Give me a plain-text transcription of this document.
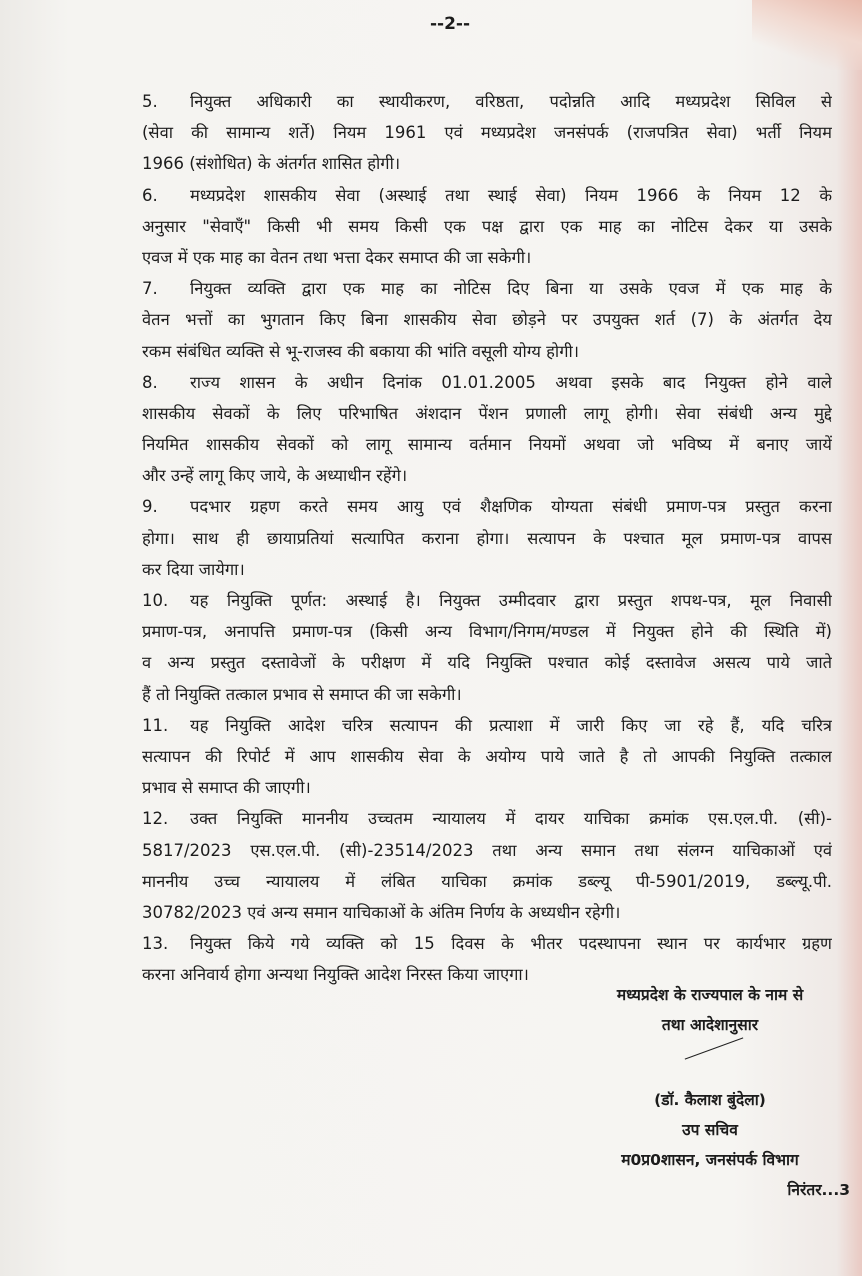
--2--
5. नियुक्त अधिकारी का स्थायीकरण, वरिष्ठता, पदोन्नति आदि मध्यप्रदेश सिविल से
(सेवा की सामान्य शर्ते) नियम 1961 एवं मध्यप्रदेश जनसंपर्क (राजपत्रित सेवा) भर्ती नियम
1966 (संशोधित) के अंतर्गत शासित होगी।
6. मध्यप्रदेश शासकीय सेवा (अस्थाई तथा स्थाई सेवा) नियम 1966 के नियम 12 के
अनुसार "सेवाएँ" किसी भी समय किसी एक पक्ष द्वारा एक माह का नोटिस देकर या उसके
एवज में एक माह का वेतन तथा भत्ता देकर समाप्त की जा सकेगी।
7. नियुक्त व्यक्ति द्वारा एक माह का नोटिस दिए बिना या उसके एवज में एक माह के
वेतन भत्तों का भुगतान किए बिना शासकीय सेवा छोड़ने पर उपयुक्त शर्त (7) के अंतर्गत देय
रकम संबंधित व्यक्ति से भू-राजस्व की बकाया की भांति वसूली योग्य होगी।
8. राज्य शासन के अधीन दिनांक 01.01.2005 अथवा इसके बाद नियुक्त होने वाले
शासकीय सेवकों के लिए परिभाषित अंशदान पेंशन प्रणाली लागू होगी। सेवा संबंधी अन्य मुद्दे
नियमित शासकीय सेवकों को लागू सामान्य वर्तमान नियमों अथवा जो भविष्य में बनाए जायें
और उन्हें लागू किए जाये, के अध्याधीन रहेंगे।
9. पदभार ग्रहण करते समय आयु एवं शैक्षणिक योग्यता संबंधी प्रमाण-पत्र प्रस्तुत करना
होगा। साथ ही छायाप्रतियां सत्यापित कराना होगा। सत्यापन के पश्चात मूल प्रमाण-पत्र वापस
कर दिया जायेगा।
10. यह नियुक्ति पूर्णत: अस्थाई है। नियुक्त उम्मीदवार द्वारा प्रस्तुत शपथ-पत्र, मूल निवासी
प्रमाण-पत्र, अनापत्ति प्रमाण-पत्र (किसी अन्य विभाग/निगम/मण्डल में नियुक्त होने की स्थिति में)
व अन्य प्रस्तुत दस्तावेजों के परीक्षण में यदि नियुक्ति पश्चात कोई दस्तावेज असत्य पाये जाते
हैं तो नियुक्ति तत्काल प्रभाव से समाप्त की जा सकेगी।
11. यह नियुक्ति आदेश चरित्र सत्यापन की प्रत्याशा में जारी किए जा रहे हैं, यदि चरित्र
सत्यापन की रिपोर्ट में आप शासकीय सेवा के अयोग्य पाये जाते है तो आपकी नियुक्ति तत्काल
प्रभाव से समाप्त की जाएगी।
12. उक्त नियुक्ति माननीय उच्चतम न्यायालय में दायर याचिका क्रमांक एस.एल.पी. (सी)-
5817/2023 एस.एल.पी. (सी)-23514/2023 तथा अन्य समान तथा संलग्न याचिकाओं एवं
माननीय उच्च न्यायालय में लंबित याचिका क्रमांक डब्ल्यू पी-5901/2019, डब्ल्यू.पी.
30782/2023 एवं अन्य समान याचिकाओं के अंतिम निर्णय के अध्यधीन रहेगी।
13. नियुक्त किये गये व्यक्ति को 15 दिवस के भीतर पदस्थापना स्थान पर कार्यभार ग्रहण
करना अनिवार्य होगा अन्यथा नियुक्ति आदेश निरस्त किया जाएगा।
मध्यप्रदेश के राज्यपाल के नाम से
तथा आदेशानुसार
(डॉ. कैलाश बुंदेला)
उप सचिव
म0प्र0शासन, जनसंपर्क विभाग
निरंतर...3
